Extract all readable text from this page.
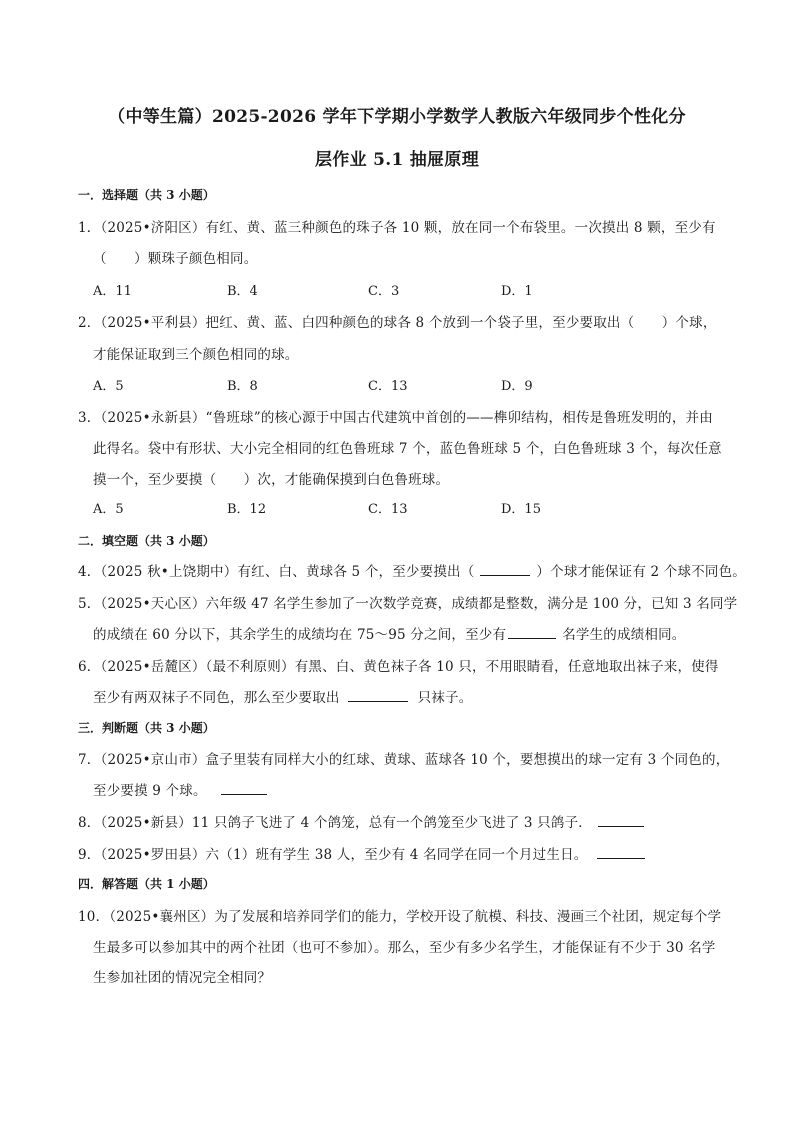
（中等生篇）2025-2026 学年下学期小学数学人教版六年级同步个性化分
层作业 5.1 抽屉原理
一．选择题（共 3 小题）
1．（2025•济阳区）有红、黄、蓝三种颜色的珠子各 10 颗，放在同一个布袋里。一次摸出 8 颗，至少有
（　　）颗珠子颜色相同。
A．11	B．4	C．3	D．1
2．（2025•平利县）把红、黄、蓝、白四种颜色的球各 8 个放到一个袋子里，至少要取出（　　）个球，
才能保证取到三个颜色相同的球。
A．5	B．8	C．13	D．9
3．（2025•永新县）“鲁班球”的核心源于中国古代建筑中首创的——榫卯结构，相传是鲁班发明的，并由
此得名。袋中有形状、大小完全相同的红色鲁班球 7 个，蓝色鲁班球 5 个，白色鲁班球 3 个，每次任意
摸一个，至少要摸（　　）次，才能确保摸到白色鲁班球。
A．5	B．12	C．13	D．15
二．填空题（共 3 小题）
4．（2025 秋•上饶期中）有红、白、黄球各 5 个，至少要摸出（	）个球才能保证有 2 个球不同色。
5．（2025•天心区）六年级 47 名学生参加了一次数学竞赛，成绩都是整数，满分是 100 分，已知 3 名同学
的成绩在 60 分以下，其余学生的成绩均在 75～95 分之间，至少有	名学生的成绩相同。
6．（2025•岳麓区）（最不利原则）有黑、白、黄色袜子各 10 只，不用眼睛看，任意地取出袜子来，使得
至少有两双袜子不同色，那么至少要取出	只袜子。
三．判断题（共 3 小题）
7．（2025•京山市）盒子里装有同样大小的红球、黄球、蓝球各 10 个，要想摸出的球一定有 3 个同色的，
至少要摸 9 个球。
8．（2025•新县）11 只鸽子飞进了 4 个鸽笼，总有一个鸽笼至少飞进了 3 只鸽子．
9．（2025•罗田县）六（1）班有学生 38 人，至少有 4 名同学在同一个月过生日。
四．解答题（共 1 小题）
10．（2025•襄州区）为了发展和培养同学们的能力，学校开设了航模、科技、漫画三个社团，规定每个学
生最多可以参加其中的两个社团（也可不参加）。那么，至少有多少名学生，才能保证有不少于 30 名学
生参加社团的情况完全相同？
